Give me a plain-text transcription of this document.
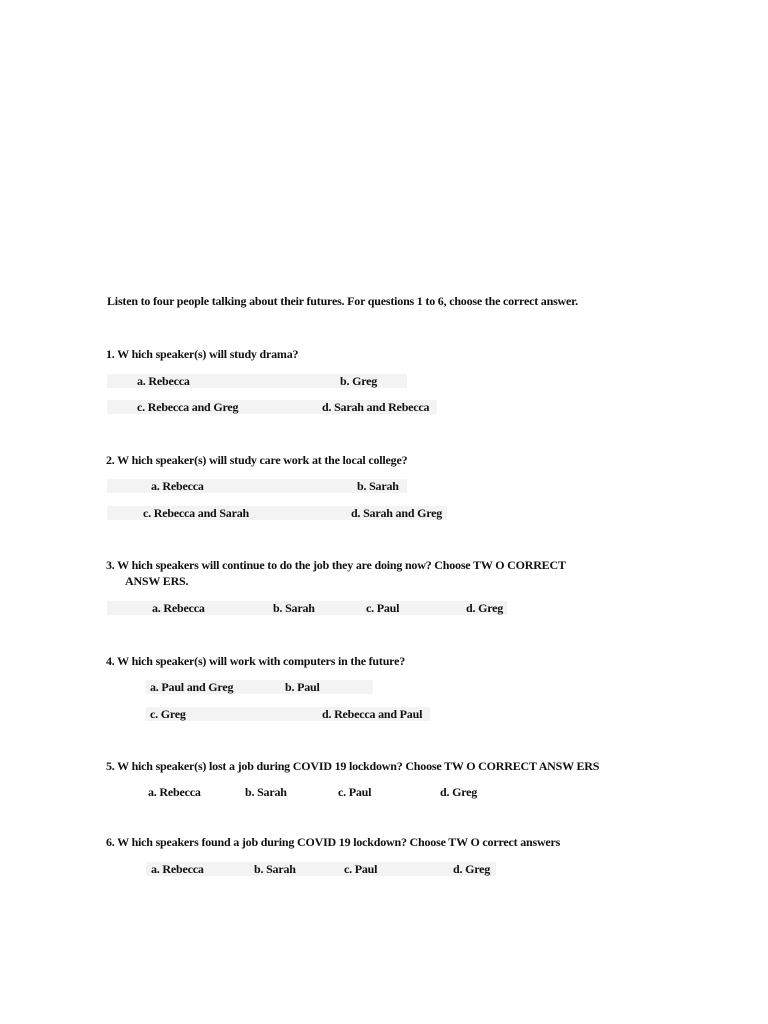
Listen to four people talking about their futures. For questions 1 to 6, choose the correct answer.
1. W hich speaker(s) will study drama?
a. Rebecca	b. Greg
c. Rebecca and Greg	d. Sarah and Rebecca
2. W hich speaker(s) will study care work at the local college?
a. Rebecca	b. Sarah
c. Rebecca and Sarah	d. Sarah and Greg
3. W hich speakers will continue to do the job they are doing now? Choose TW O CORRECT
ANSW ERS.
a. Rebecca	b. Sarah	c. Paul	d. Greg
4. W hich speaker(s) will work with computers in the future?
a. Paul and Greg	b. Paul
c. Greg	d. Rebecca and Paul
5. W hich speaker(s) lost a job during COVID 19 lockdown? Choose TW O CORRECT ANSW ERS
a. Rebecca	b. Sarah	c. Paul	d. Greg
6. W hich speakers found a job during COVID 19 lockdown? Choose TW O correct answers
a. Rebecca	b. Sarah	c. Paul	d. Greg
